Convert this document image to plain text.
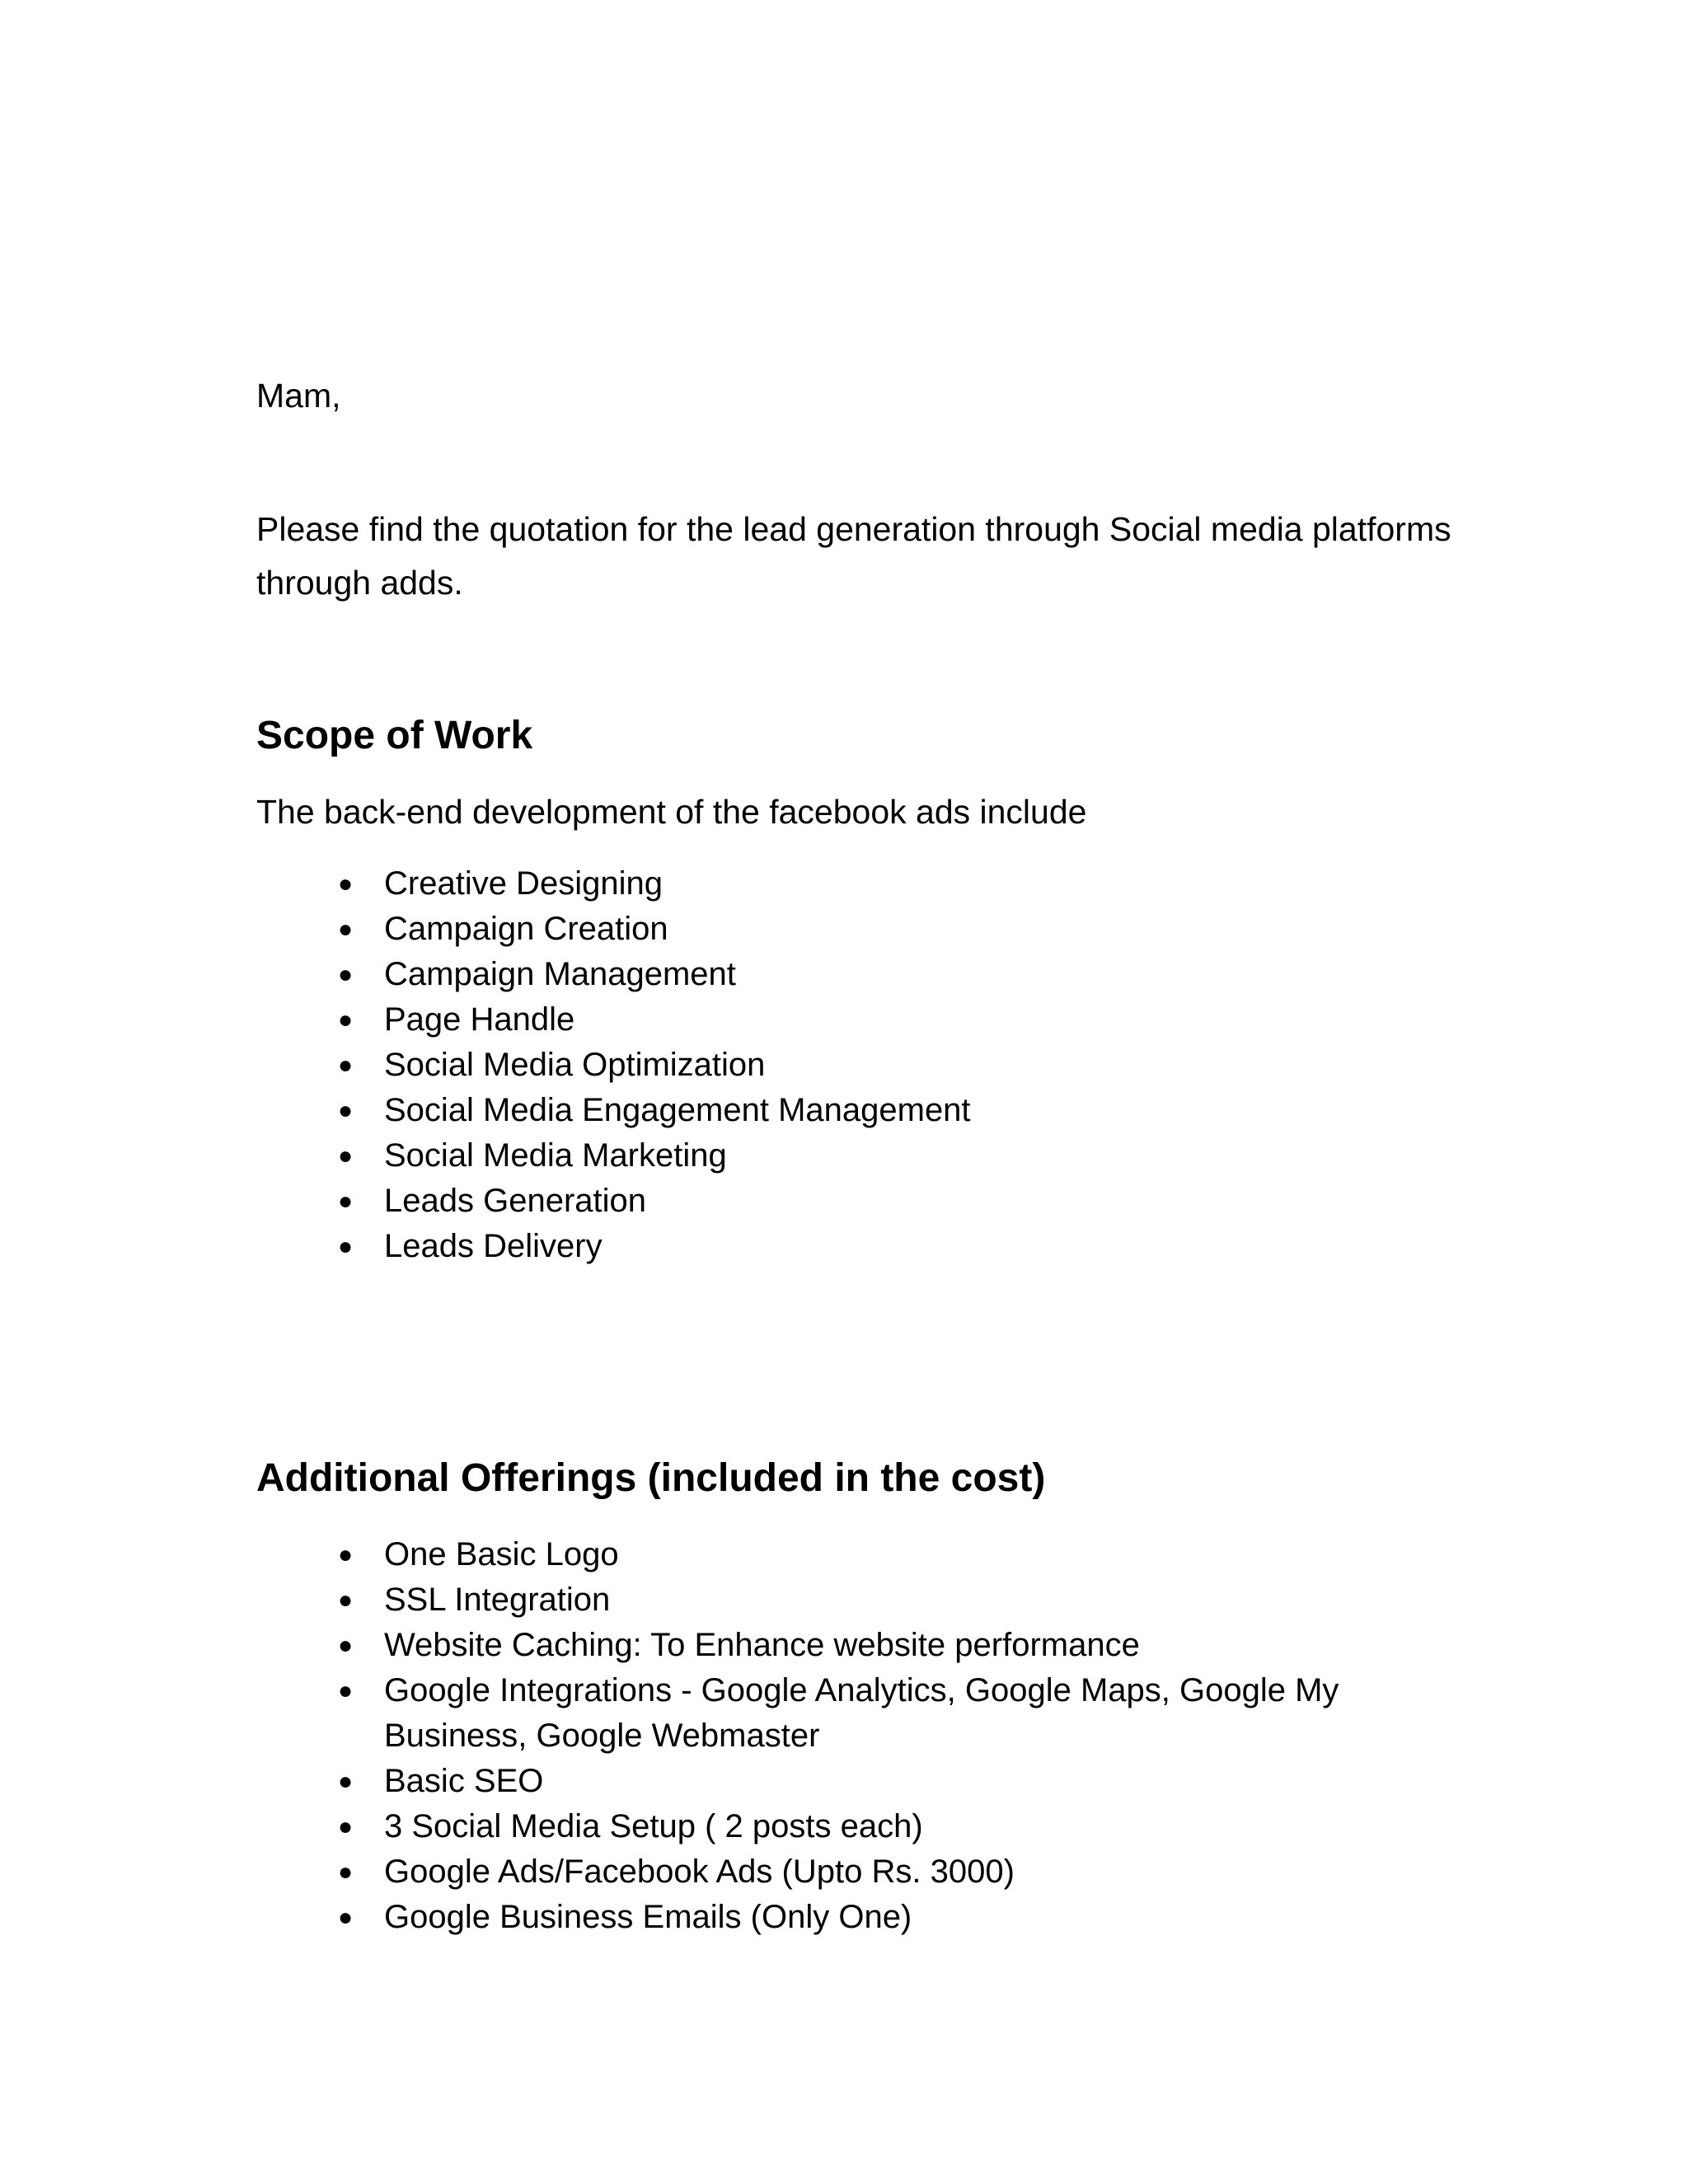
Mam,

Please find the quotation for the lead generation through Social media platforms

through adds.

Scope of Work

The back-end development of the facebook ads include

● Creative Designing
● Campaign Creation
● Campaign Management
● Page Handle
● Social Media Optimization
● Social Media Engagement Management
● Social Media Marketing
● Leads Generation
● Leads Delivery
Additional Offerings (included in the cost)
● One Basic Logo
● SSL Integration
● Website Caching: To Enhance website performance
● Google Integrations - Google Analytics, Google Maps, Google My
Business, Google Webmaster
● Basic SEO
● 3 Social Media Setup ( 2 posts each)
● Google Ads/Facebook Ads (Upto Rs. 3000)
● Google Business Emails (Only One)
